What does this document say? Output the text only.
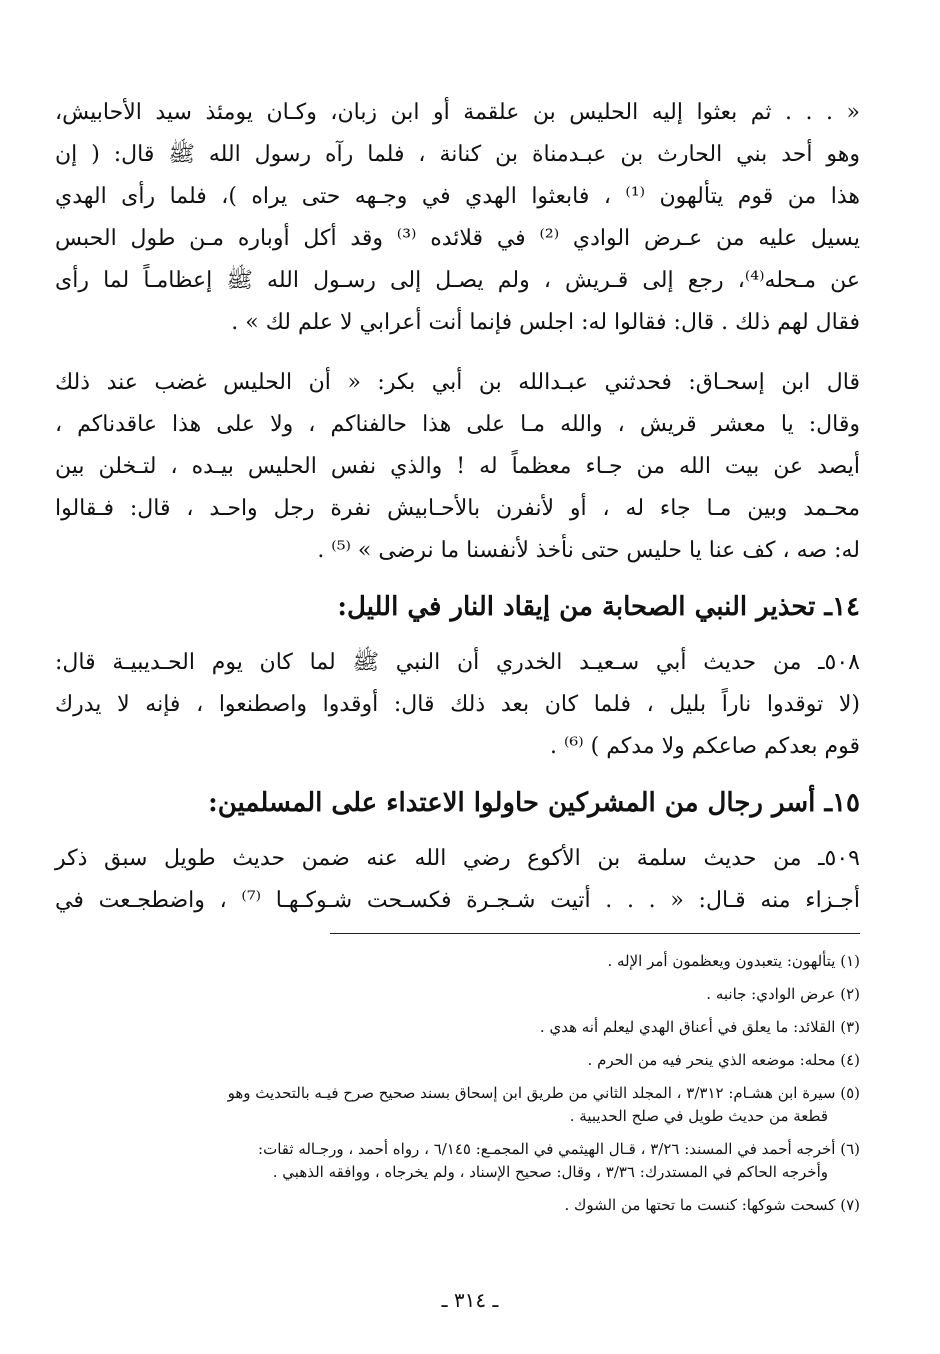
« . . . ثم بعثوا إليه الحليس بن علقمة أو ابن زبان، وكـان يومئذ سيد الأحابيش،
وهو أحد بني الحارث بن عبـدمناة بن كنانة ، فلما رآه رسول الله ﷺ قال: ( إن
هذا من قوم يتألهون ⁽¹⁾ ، فابعثوا الهدي في وجـهه حتى يراه )، فلما رأى الهدي
يسيل عليه من عـرض الوادي ⁽²⁾ في قلائده ⁽³⁾ وقد أكل أوباره مـن طول الحبس
عن مـحله⁽⁴⁾، رجع إلى قـريش ، ولم يصـل إلى رسـول الله ﷺ إعظامـاً لما رأى
فقال لهم ذلك . قال: فقالوا له: اجلس فإنما أنت أعرابي لا علم لك » .
قال ابن إسحـاق: فحدثني عبـدالله بن أبي بكر: « أن الحليس غضب عند ذلك
وقال: يا معشر قريش ، والله مـا على هذا حالفناكم ، ولا على هذا عاقدناكم ،
أيصد عن بيت الله من جـاء معظماً له ! والذي نفس الحليس بيـده ، لتـخلن بين
محـمد وبين مـا جاء له ، أو لأنفرن بالأحـابيش نفرة رجل واحـد ، قال: فـقالوا
له: صه ، كف عنا يا حليس حتى نأخذ لأنفسنا ما نرضى » ⁽⁵⁾ .
١٤ـ تحذير النبي الصحابة من إيقاد النار في الليل:
٥٠٨ـ من حديث أبي سـعيـد الخدري أن النبي ﷺ لما كان يوم الحـديبيـة قال:
(لا توقدوا ناراً بليل ، فلما كان بعد ذلك قال: أوقدوا واصطنعوا ، فإنه لا يدرك
قوم بعدكم صاعكم ولا مدكم ) ⁽⁶⁾ .
١٥ـ أسر رجال من المشركين حاولوا الاعتداء على المسلمين:
٥٠٩ـ من حديث سلمة بن الأكوع رضي الله عنه ضمن حديث طويل سبق ذكر
أجـزاء منه قـال: « . . . أتيت شـجـرة فكسـحت شـوكـهـا ⁽⁷⁾ ، واضطجـعت في
(١) يتألهون: يتعبدون ويعظمون أمر الإله .
(٢) عرض الوادي: جانبه .
(٣) القلائد: ما يعلق في أعناق الهدي ليعلم أنه هدي .
(٤) محله: موضعه الذي ينحر فيه من الحرم .
(٥) سيرة ابن هشـام: ٣/٣١٢ ، المجلد الثاني من طريق ابن إسحاق بسند صحيح صرح فيـه بالتحديث وهو
قطعة من حديث طويل في صلح الحديبية .
(٦) أخرجه أحمد في المسند: ٣/٢٦ ، قـال الهيثمي في المجمـع: ٦/١٤٥ ، رواه أحمد ، ورجـاله ثقات:
وأخرجه الحاكم في المستدرك: ٣/٣٦ ، وقال: صحيح الإسناد ، ولم يخرجاه ، ووافقه الذهبي .
(٧) كسحت شوكها: كنست ما تحتها من الشوك .
ـ ٣١٤ ـ
